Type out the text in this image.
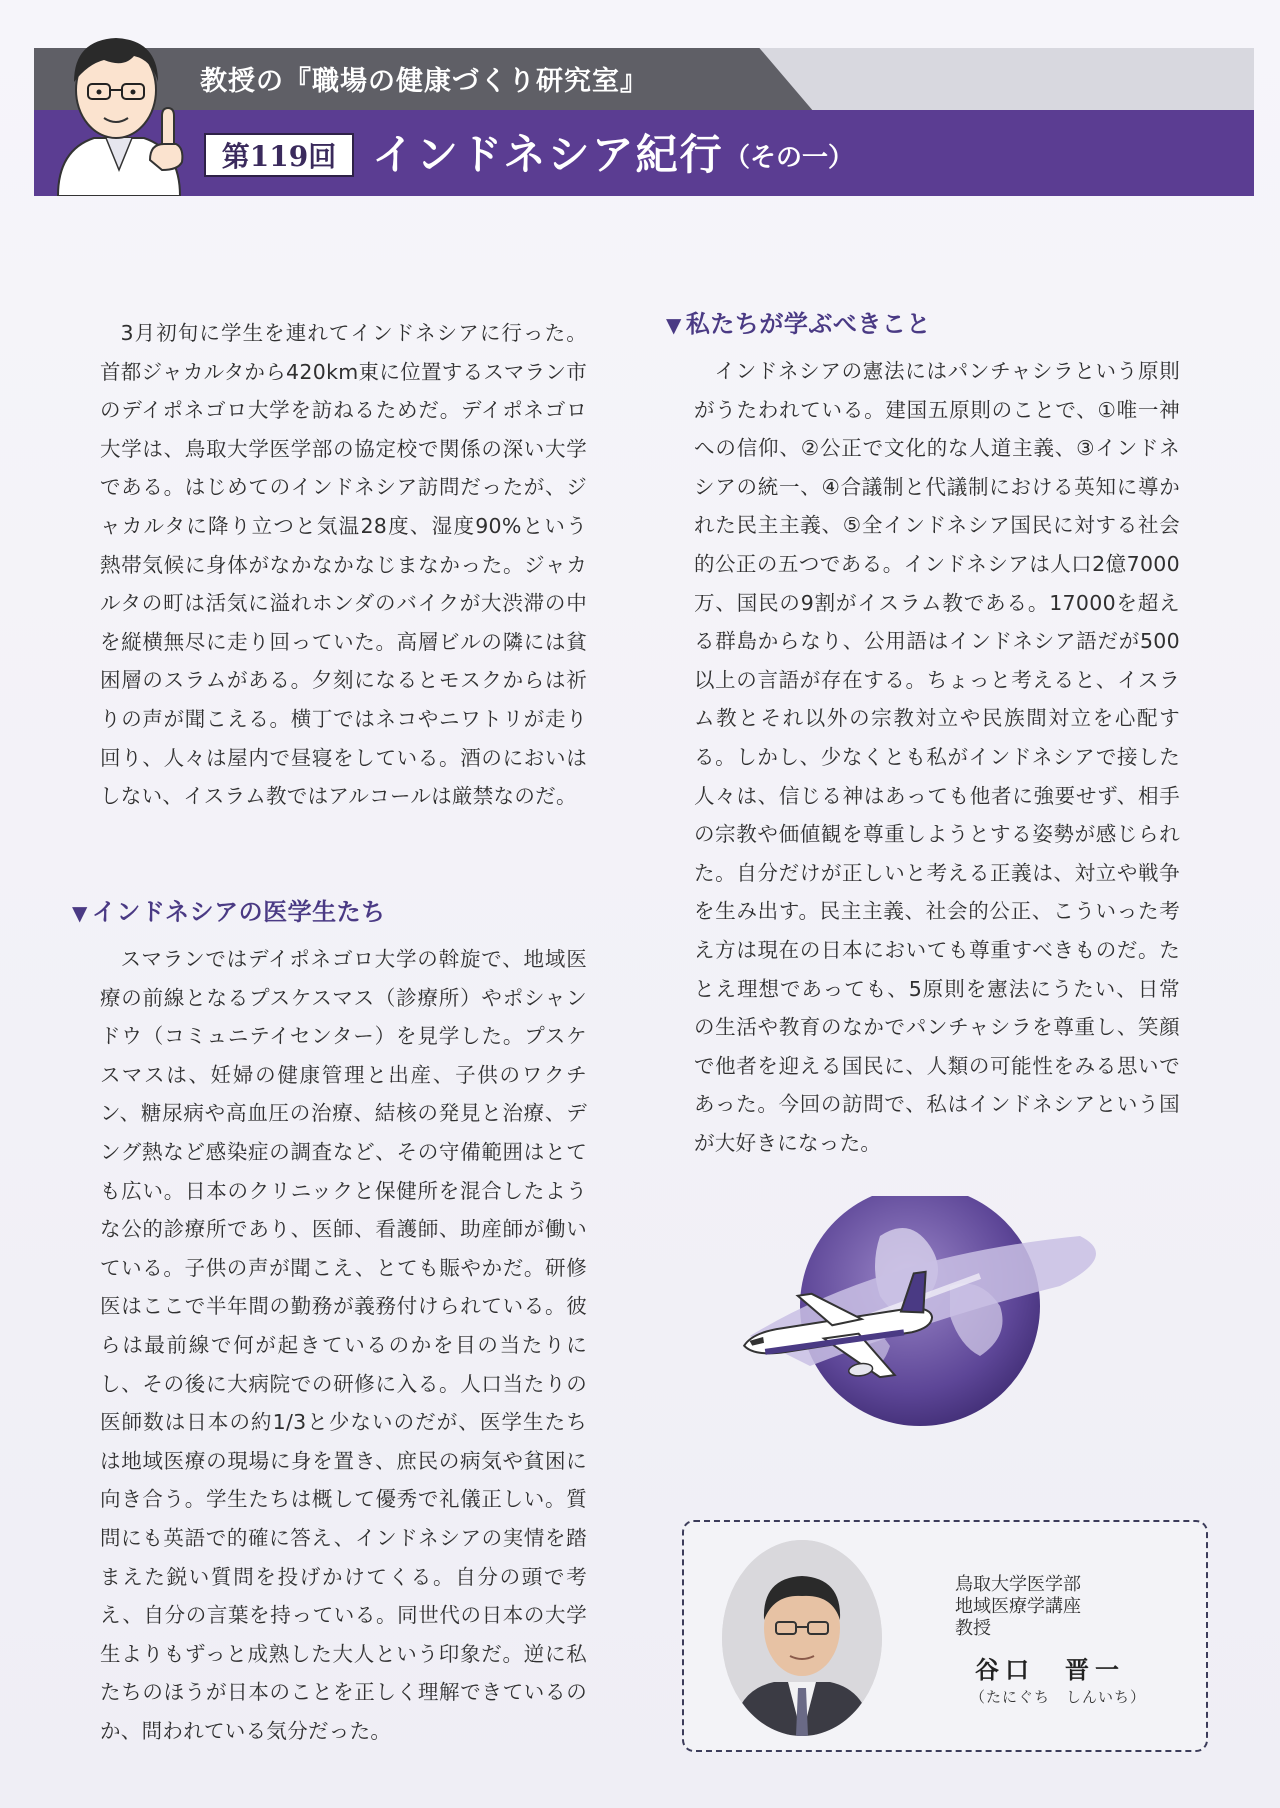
教授の『職場の健康づくり研究室』
第119回 インドネシア紀行 （その一）

3月初旬に学生を連れてインドネシアに行った。首都ジャカルタから420km東に位置するスマラン市のデイポネゴロ大学を訪ねるためだ。デイポネゴロ大学は、鳥取大学医学部の協定校で関係の深い大学である。はじめてのインドネシア訪問だったが、ジャカルタに降り立つと気温28度、湿度90%という熱帯気候に身体がなかなかなじまなかった。ジャカルタの町は活気に溢れホンダのバイクが大渋滞の中を縦横無尽に走り回っていた。高層ビルの隣には貧困層のスラムがある。夕刻になるとモスクからは祈りの声が聞こえる。横丁ではネコやニワトリが走り回り、人々は屋内で昼寝をしている。酒のにおいはしない、イスラム教ではアルコールは厳禁なのだ。

▼ インドネシアの医学生たち

スマランではデイポネゴロ大学の斡旋で、地域医療の前線となるプスケスマス（診療所）やポシャンドウ（コミュニテイセンター）を見学した。プスケスマスは、妊婦の健康管理と出産、子供のワクチン、糖尿病や高血圧の治療、結核の発見と治療、デング熱など感染症の調査など、その守備範囲はとても広い。日本のクリニックと保健所を混合したような公的診療所であり、医師、看護師、助産師が働いている。子供の声が聞こえ、とても賑やかだ。研修医はここで半年間の勤務が義務付けられている。彼らは最前線で何が起きているのかを目の当たりにし、その後に大病院での研修に入る。人口当たりの医師数は日本の約1/3と少ないのだが、医学生たちは地域医療の現場に身を置き、庶民の病気や貧困に向き合う。学生たちは概して優秀で礼儀正しい。質問にも英語で的確に答え、インドネシアの実情を踏まえた鋭い質問を投げかけてくる。自分の頭で考え、自分の言葉を持っている。同世代の日本の大学生よりもずっと成熟した大人という印象だ。逆に私たちのほうが日本のことを正しく理解できているのか、問われている気分だった。

▼ 私たちが学ぶべきこと

インドネシアの憲法にはパンチャシラという原則がうたわれている。建国五原則のことで、①唯一神への信仰、②公正で文化的な人道主義、③インドネシアの統一、④合議制と代議制における英知に導かれた民主主義、⑤全インドネシア国民に対する社会的公正の五つである。インドネシアは人口2億7000万、国民の9割がイスラム教である。17000を超える群島からなり、公用語はインドネシア語だが500以上の言語が存在する。ちょっと考えると、イスラム教とそれ以外の宗教対立や民族間対立を心配する。しかし、少なくとも私がインドネシアで接した人々は、信じる神はあっても他者に強要せず、相手の宗教や価値観を尊重しようとする姿勢が感じられた。自分だけが正しいと考える正義は、対立や戦争を生み出す。民主主義、社会的公正、こういった考え方は現在の日本においても尊重すべきものだ。たとえ理想であっても、5原則を憲法にうたい、日常の生活や教育のなかでパンチャシラを尊重し、笑顔で他者を迎える国民に、人類の可能性をみる思いであった。今回の訪問で、私はインドネシアという国が大好きになった。

鳥取大学医学部
地域医療学講座
教授
谷口　晋一
（たにぐち　しんいち）
